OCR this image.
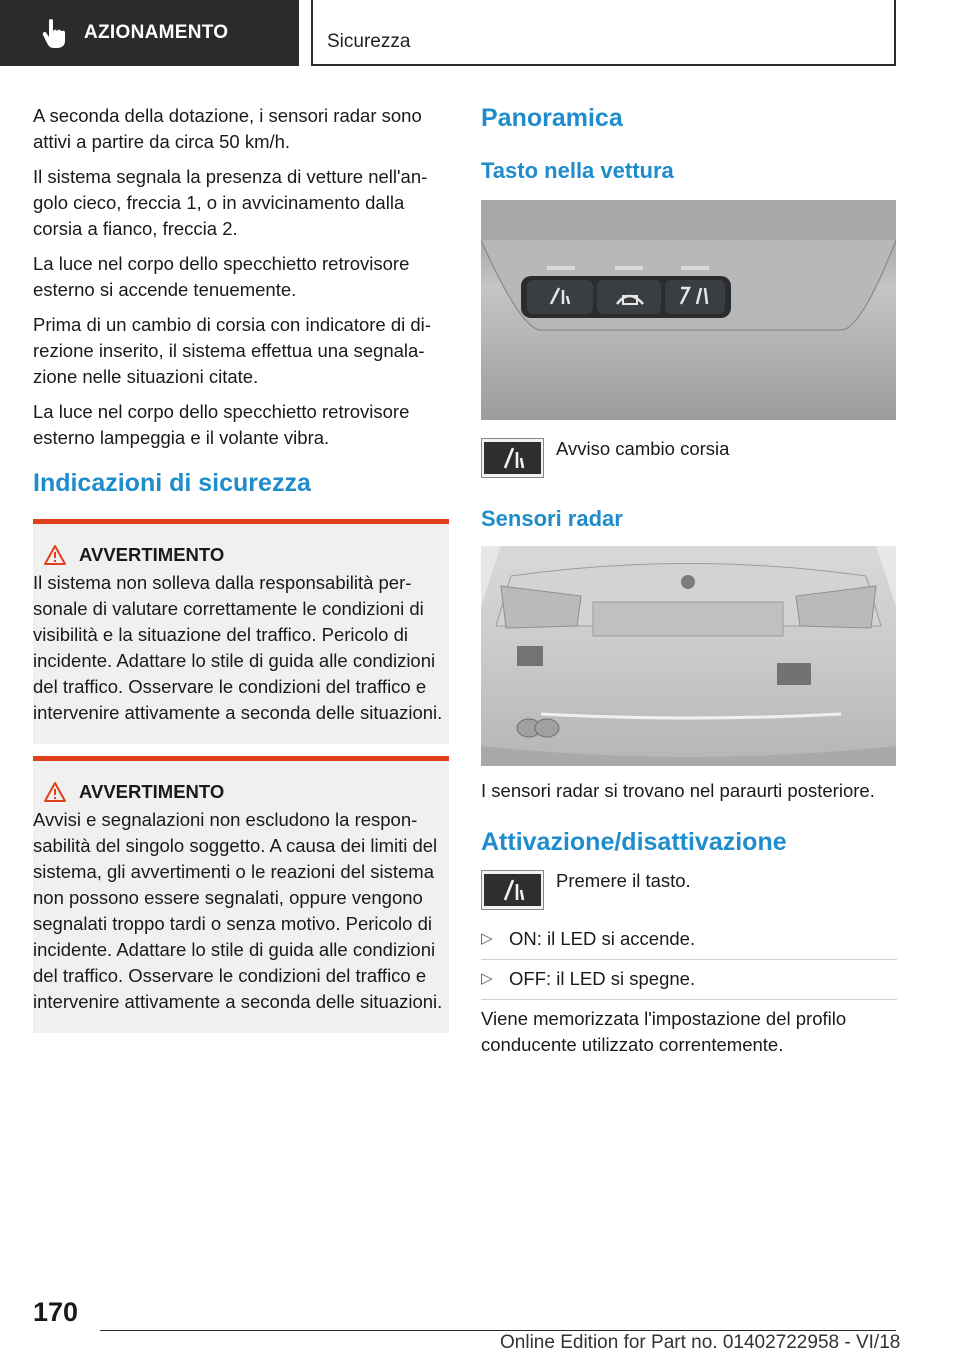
AZIONAMENTO	Sicurezza

A seconda della dotazione, i sensori radar sono attivi a partire da circa 50 km/h.

Il sistema segnala la presenza di vetture nell'angolo cieco, freccia 1, o in avvicinamento dalla corsia a fianco, freccia 2.

La luce nel corpo dello specchietto retrovisore esterno si accende tenuemente.

Prima di un cambio di corsia con indicatore di direzione inserito, il sistema effettua una segnalazione nelle situazioni citate.

La luce nel corpo dello specchietto retrovisore esterno lampeggia e il volante vibra.

Indicazioni di sicurezza
AVVERTIMENTO
Il sistema non solleva dalla responsabilità personale di valutare correttamente le condizioni di visibilità e la situazione del traffico. Pericolo di incidente. Adattare lo stile di guida alle condizioni del traffico. Osservare le condizioni del traffico e intervenire attivamente a seconda delle situazioni.
AVVERTIMENTO
Avvisi e segnalazioni non escludono la responsabilità del singolo soggetto. A causa dei limiti del sistema, gli avvertimenti o le reazioni del sistema non possono essere segnalati, oppure vengono segnalati troppo tardi o senza motivo. Pericolo di incidente. Adattare lo stile di guida alle condizioni del traffico. Osservare le condizioni del traffico e intervenire attivamente a seconda delle situazioni.
Panoramica
Tasto nella vettura
Avviso cambio corsia
Sensori radar

I sensori radar si trovano nel paraurti posteriore.

Attivazione/disattivazione
Premere il tasto.
▷ ON: il LED si accende.
▷ OFF: il LED si spegne.

Viene memorizzata l'impostazione del profilo conducente utilizzato correntemente.

170
Online Edition for Part no. 01402722958 - VI/18
